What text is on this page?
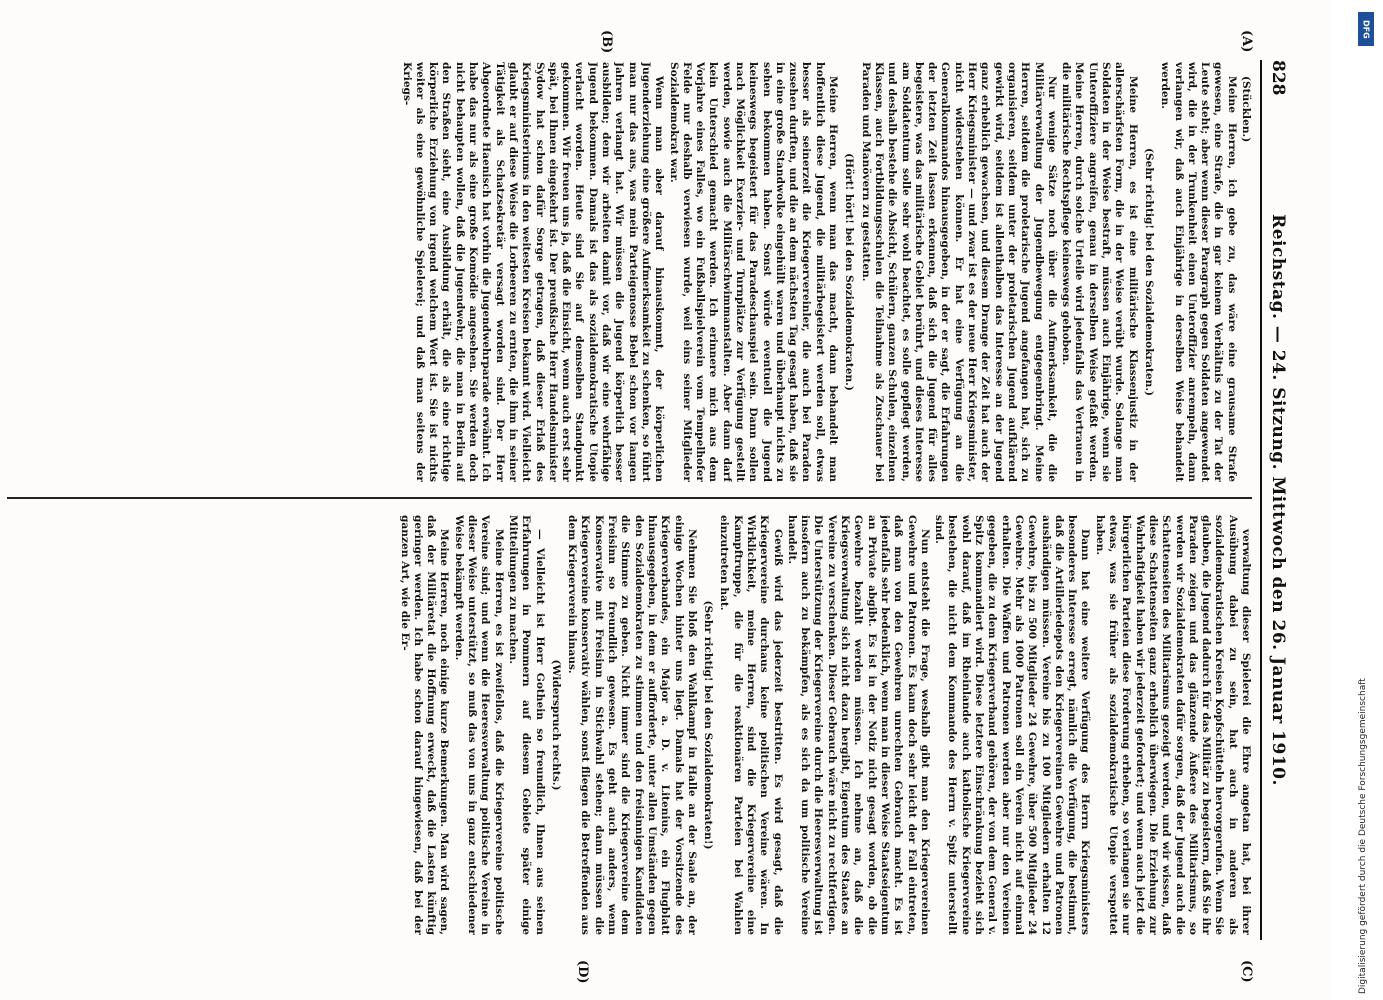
828
Reichstag. — 24. Sitzung. Mittwoch den 26. Januar 1910.
(A)
(B)
(C)
(D)

(Stücklen.)

Meine Herren, ich gebe zu, das wäre eine grausame Strafe gewesen, eine Strafe, die in gar keinem Verhältnis zu der Tat der Leute steht; aber wenn dieser Paragraph gegen Soldaten angewendet wird, die in der Trunkenheit einen Unteroffizier anrempeln, dann verlangen wir, daß auch Einjährige in derselben Weise behandelt werden.

(Sehr richtig! bei den Sozialdemokraten.)

Meine Herren, es ist eine militärische Klassenjustiz in der allerschärfsten Form, die in der Weise verübt wurde. Solange man Soldaten in der Weise bestraft, müssen auch Einjährige, wenn sie Unteroffiziere angreifen, genau in derselben Weise gefaßt werden. Meine Herren, durch solche Urteile wird jedenfalls das Vertrauen in die militärische Rechtspflege keineswegs gehoben.

Nur wenige Sätze noch über die Aufmerksamkeit, die die Militärverwaltung der Jugendbewegung entgegenbringt. Meine Herren, seitdem die proletarische Jugend angefangen hat, sich zu organisieren, seitdem unter der proletarischen Jugend aufklärend gewirkt wird, seitdem ist allenthalben das Interesse an der Jugend ganz erheblich gewachsen, und diesem Drange der Zeit hat auch der Herr Kriegsminister — und zwar ist es der neue Herr Kriegsminister, nicht widerstehen können. Er hat eine Verfügung an die Generalkommandos hinausgegeben, in der er sagt, die Erfahrungen der letzten Zeit lassen erkennen, daß sich die Jugend für alles begeistere, was das militärische Gebiet berührt, und dieses Interesse am Soldatentum solle sehr wohl beachtet, es solle gepflegt werden, und deshalb bestehe die Absicht, Schülern, ganzen Schulen, einzelnen Klassen, auch Fortbildungsschulen die Teilnahme als Zuschauer bei Paraden und Manövern zu gestatten.

(Hört! hört! bei den Sozialdemokraten.)

Meine Herren, wenn man das macht, dann behandelt man hoffentlich diese Jugend, die militärbegeistert werden soll, etwas besser als seinerzeit die Kriegervereinler, die auch bei Paraden zusehen durften, und die an dem nächsten Tag gesagt haben, daß sie in eine große Standwolke eingehüllt waren und überhaupt nichts zu sehen bekommen haben. Sonst würde eventuell die Jugend keineswegs begeistert für das Paradeschauspiel sein. Dann sollen nach Möglichkeit Exerzier- und Turnplätze zur Verfügung gestellt werden, sowie auch die Militärschwimmanstalten. Aber dann darf kein Unterschied gemacht werden. Ich erinnere mich aus dem Vorjahre eines Falles, wo ein Fußballspielverein vom Tempelhofer Felde nur deshalb verwiesen wurde, weil eins seiner Mitglieder Sozialdemokrat war.

Wenn man aber darauf hinauskommt, der körperlichen Jugenderziehung eine größere Aufmerksamkeit zu schenken, so führt man nur das aus, was mein Parteigenosse Bebel schon vor langen Jahren verlangt hat. Wir müssen die Jugend körperlich besser ausbilden; dem wir arbeiten damit vor, daß wir eine wehrfähige Jugend bekommen. Damals ist das als sozialdemokratische Utopie verlacht worden. Heute sind Sie auf demselben Standpunkt gekommen. Wir freuen uns ja, daß die Einsicht, wenn auch erst sehr spät, bei Ihnen eingekehrt ist. Der preußische Herr Handelsminister Sydow hat schon dafür Sorge getragen, daß dieser Erlaß des Kriegsministeriums in den weitesten Kreisen bekannt wird. Vielleicht glaubt er auf diese Weise die Lorbeeren zu ernten, die ihm in seiner Tätigkeit als Schatzsekretär versagt worden sind. Der Herr Abgeordnete Haenisch hat vorhin die Jugendwehrparade erwähnt. Ich habe das nur als eine große Komödie angesehen. Sie werden doch nicht behaupten wollen, daß die Jugendwehr, die man in Berlin auf den Straßen sieht, eine Ausbildung erhält, die als eine richtige körperliche Erziehung von irgend welchem Wert ist. Sie ist nichts weiter als eine gewöhnliche Spielerei; und daß man seitens der Kriegs-

verwaltung dieser Spielerei die Ehre angetan hat, bei ihrer Ausübung dabei zu sein, hat auch in anderen als sozialdemokratischen Kreisen Kopfschütteln hervorgerufen. Wenn Sie glauben, die Jugend dadurch für das Militär zu begeistern, daß Sie ihr Paraden zeigen und das glänzende Äußere des Militarismus, so werden wir Sozialdemokraten dafür sorgen, daß der Jugend auch die Schattenseiten des Militarismus gezeigt werden, und wir wissen, daß diese Schattenseiten ganz erheblich überwiegen. Die Erziehung zur Wahrhaftigkeit haben wir jederzeit gefordert; und wenn auch jetzt die bürgerlichen Parteien diese Forderung erheben, so verlangen sie nur etwas, was sie früher als sozialdemokratische Utopie verspottet haben.

Dann hat eine weitere Verfügung des Herrn Kriegsministers besonderes Interesse erregt, nämlich die Verfügung, die bestimmt, daß die Artilleriedepots den Kriegervereinen Gewehre und Patronen aushändigen müssen. Vereine bis zu 100 Mitgliedern erhalten 12 Gewehre, bis zu 500 Mitglieder 24 Gewehre, über 500 Mitglieder 24 Gewehre. Mehr als 1000 Patronen soll ein Verein nicht auf einmal erhalten. Die Waffen und Patronen werden aber nur den Vereinen gegeben, die zu dem Kriegerverband gehören, der von dem General v. Spitz kommandiert wird. Diese letztere Einschränkung bezieht sich wohl darauf, daß im Rheinlande auch katholische Kriegervereine bestehen, die nicht dem Kommando des Herrn v. Spitz unterstellt sind.

Nun entsteht die Frage, weshalb gibt man den Kriegervereinen Gewehre und Patronen. Es kann doch sehr leicht der Fall eintreten, daß man von den Gewehren unrechten Gebrauch macht. Es ist jedenfalls sehr bedenklich, wenn man in dieser Weise Staatseigentum an Private abgibt. Es ist in der Notiz nicht gesagt worden, ob die Gewehre bezahlt werden müssen. Ich nehme an, daß die Kriegsverwaltung sich nicht dazu hergibt, Eigentum des Staates an Vereine zu verschenken. Dieser Gebrauch wäre nicht zu rechtfertigen. Die Unterstützung der Kriegervereine durch die Heeresverwaltung ist insofern auch zu bekämpfen, als es sich da um politische Vereine handelt.

Gewiß wird das jederzeit bestritten. Es wird gesagt, daß die Kriegervereine durchaus keine politischen Vereine wären. In Wirklichkeit, meine Herren, sind die Kriegervereine eine Kampftruppe, die für die reaktionären Parteien bei Wahlen einzutreten hat.

(Sehr richtig! bei den Sozialdemokraten!)

Nehmen Sie bloß den Wahlkampf in Halle an der Saale an, der einige Wochen hinter uns liegt. Damals hat der Vorsitzende des Kriegerverbandes, ein Major a. D. v. Litenius, ein Flugblatt hinausgegeben, in dem er aufforderte, unter allen Umständen gegen den Sozialdemokraten zu stimmen und den freisinnigen Kandidaten die Stimme zu geben. Nicht immer sind die Kriegervereine dem Freisinn so freundlich gewesen. Es geht auch anders, wenn Konservative mit Freisinn in Stichwahl stehen; dann müssen die Kriegervereine konservativ wählen, sonst fliegen die Betreffenden aus dem Kriegerverein hinaus.

(Widerspruch rechts.)

— Vielleicht ist Herr Gothein so freundlich, Ihnen aus seinen Erfahrungen in Pommern auf diesem Gebiete später einige Mitteilungen zu machen.

Meine Herren, es ist zweifellos, daß die Kriegervereine politische Vereine sind; und wenn die Heeresverwaltung politische Vereine in dieser Weise unterstützt, so muß das von uns in ganz entschiedener Weise bekämpft werden.

Meine Herren, noch einige kurze Bemerkungen. Man wird sagen, daß der Militäretat die Hoffnung erweckt, daß die Lasten künftig geringer werden. Ich habe schon darauf hingewiesen, daß bei der ganzen Art, wie die Er-

DFG
Digitalisierung gefördert durch die Deutsche Forschungsgemeinschaft
